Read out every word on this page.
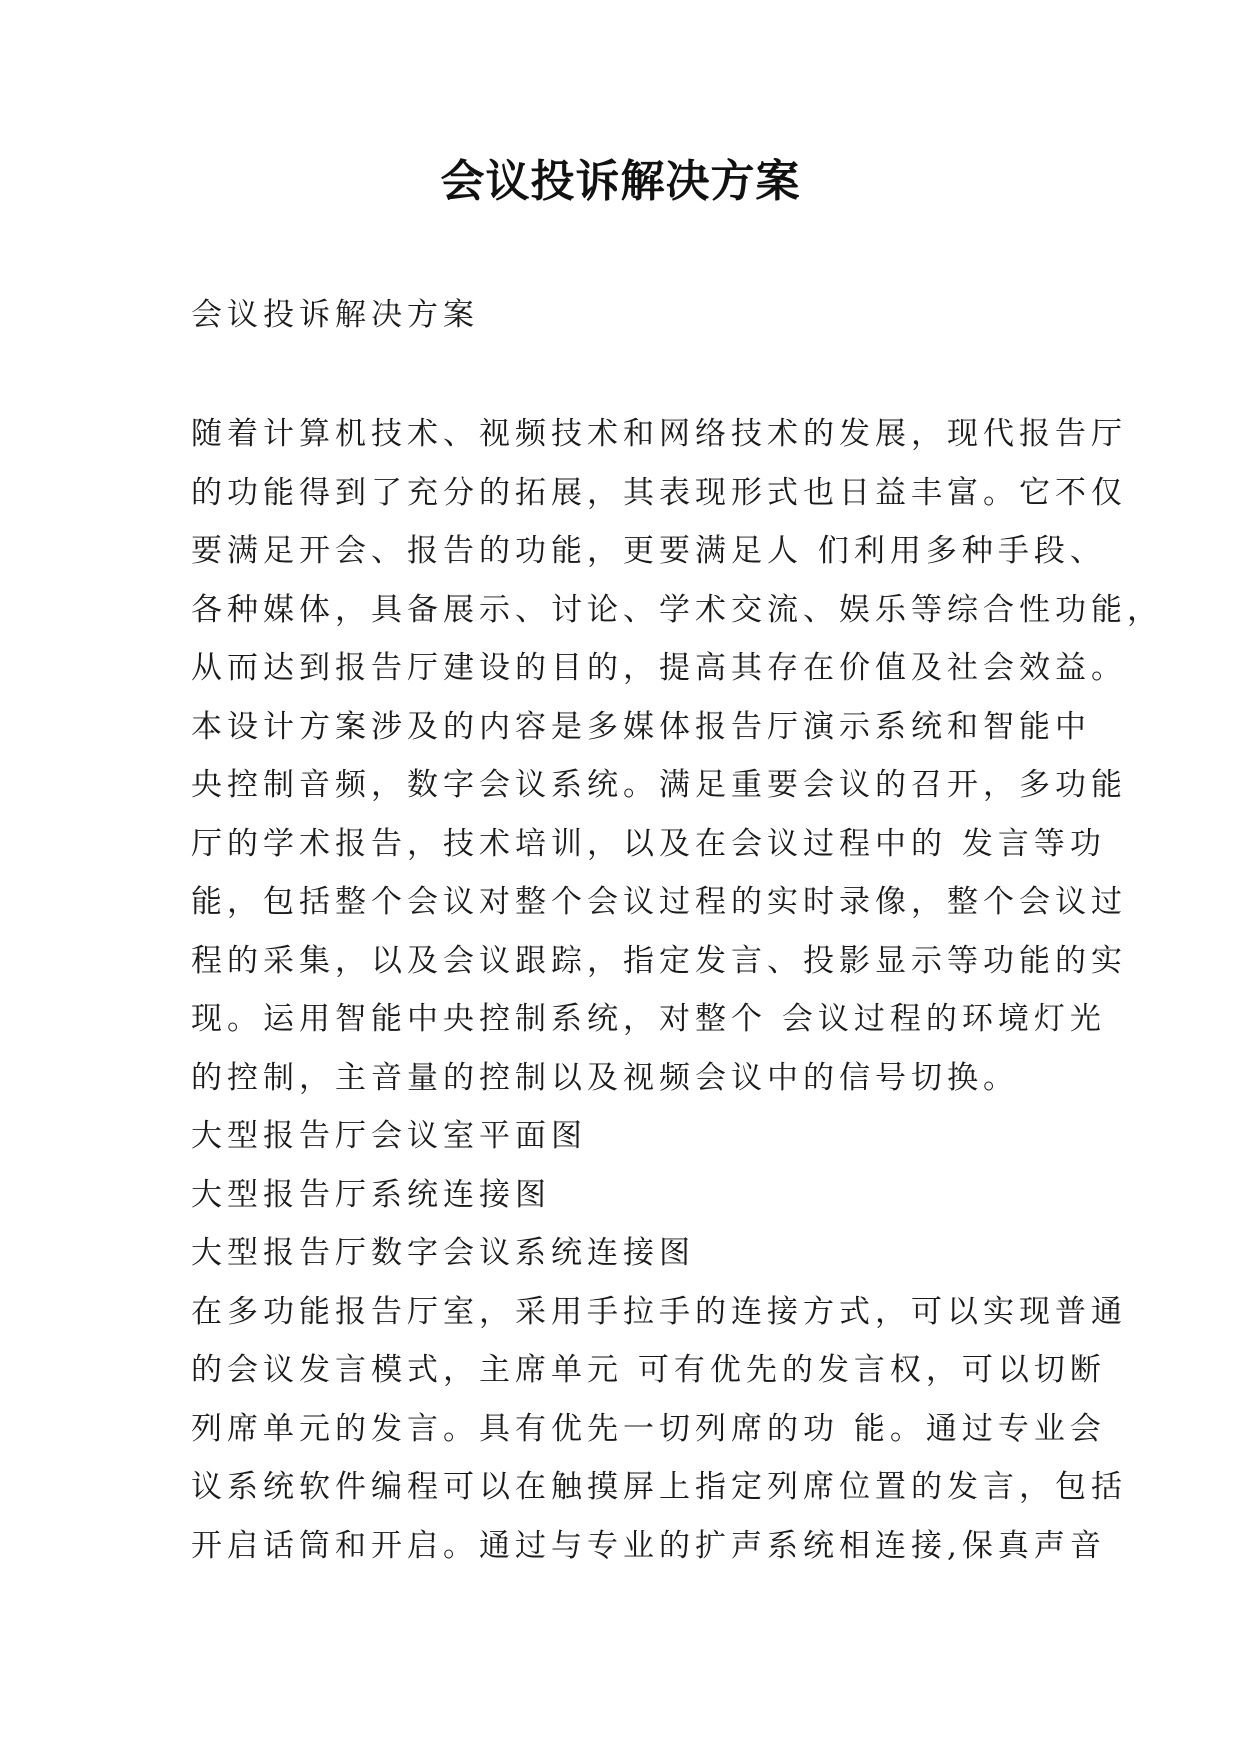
会议投诉解决方案
会议投诉解决方案
随着计算机技术、视频技术和网络技术的发展，现代报告厅
的功能得到了充分的拓展，其表现形式也日益丰富。它不仅
要满足开会、报告的功能，更要满足人 们利用多种手段、
各种媒体，具备展示、讨论、学术交流、娱乐等综合性功能，
从而达到报告厅建设的目的，提高其存在价值及社会效益。
本设计方案涉及的内容是多媒体报告厅演示系统和智能中
央控制音频，数字会议系统。满足重要会议的召开，多功能
厅的学术报告，技术培训，以及在会议过程中的 发言等功
能，包括整个会议对整个会议过程的实时录像，整个会议过
程的采集，以及会议跟踪，指定发言、投影显示等功能的实
现。运用智能中央控制系统，对整个 会议过程的环境灯光
的控制，主音量的控制以及视频会议中的信号切换。
大型报告厅会议室平面图
大型报告厅系统连接图
大型报告厅数字会议系统连接图
在多功能报告厅室，采用手拉手的连接方式，可以实现普通
的会议发言模式，主席单元 可有优先的发言权，可以切断
列席单元的发言。具有优先一切列席的功 能。通过专业会
议系统软件编程可以在触摸屏上指定列席位置的发言，包括
开启话筒和开启。通过与专业的扩声系统相连接,保真声音
